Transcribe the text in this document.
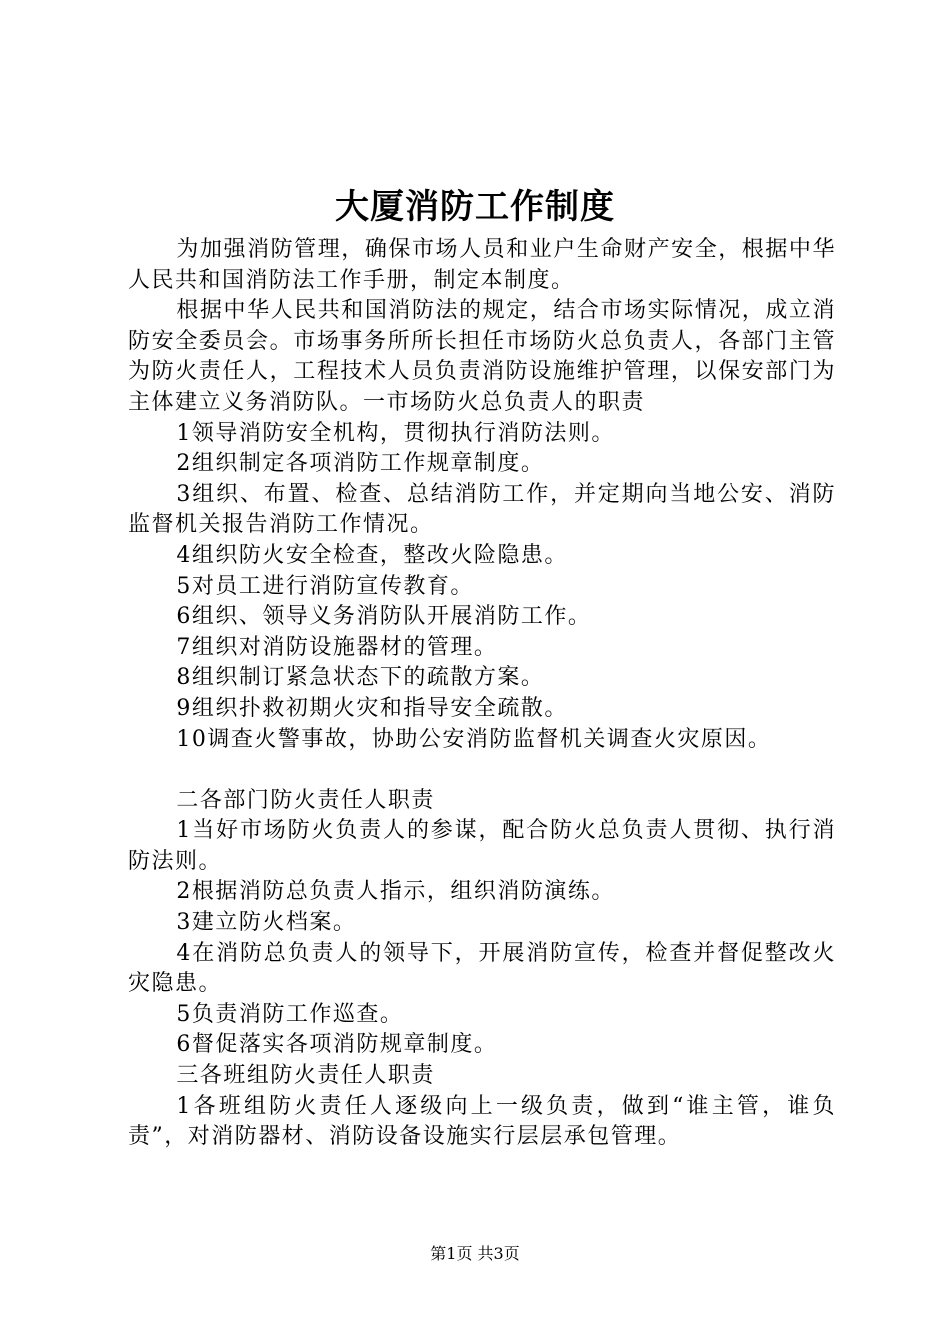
大厦消防工作制度

为加强消防管理，确保市场人员和业户生命财产安全，根据中华人民共和国消防法工作手册，制定本制度。

根据中华人民共和国消防法的规定，结合市场实际情况，成立消防安全委员会。市场事务所所长担任市场防火总负责人，各部门主管为防火责任人，工程技术人员负责消防设施维护管理，以保安部门为主体建立义务消防队。一市场防火总负责人的职责

1领导消防安全机构，贯彻执行消防法则。

2组织制定各项消防工作规章制度。

3组织、布置、检查、总结消防工作，并定期向当地公安、消防监督机关报告消防工作情况。

4组织防火安全检查，整改火险隐患。

5对员工进行消防宣传教育。

6组织、领导义务消防队开展消防工作。

7组织对消防设施器材的管理。

8组织制订紧急状态下的疏散方案。

9组织扑救初期火灾和指导安全疏散。

10调查火警事故，协助公安消防监督机关调查火灾原因。

二各部门防火责任人职责

1当好市场防火负责人的参谋，配合防火总负责人贯彻、执行消防法则。

2根据消防总负责人指示，组织消防演练。

3建立防火档案。

4在消防总负责人的领导下，开展消防宣传，检查并督促整改火灾隐患。

5负责消防工作巡查。

6督促落实各项消防规章制度。

三各班组防火责任人职责

1各班组防火责任人逐级向上一级负责，做到“谁主管，谁负责”，对消防器材、消防设备设施实行层层承包管理。

第1页 共3页
